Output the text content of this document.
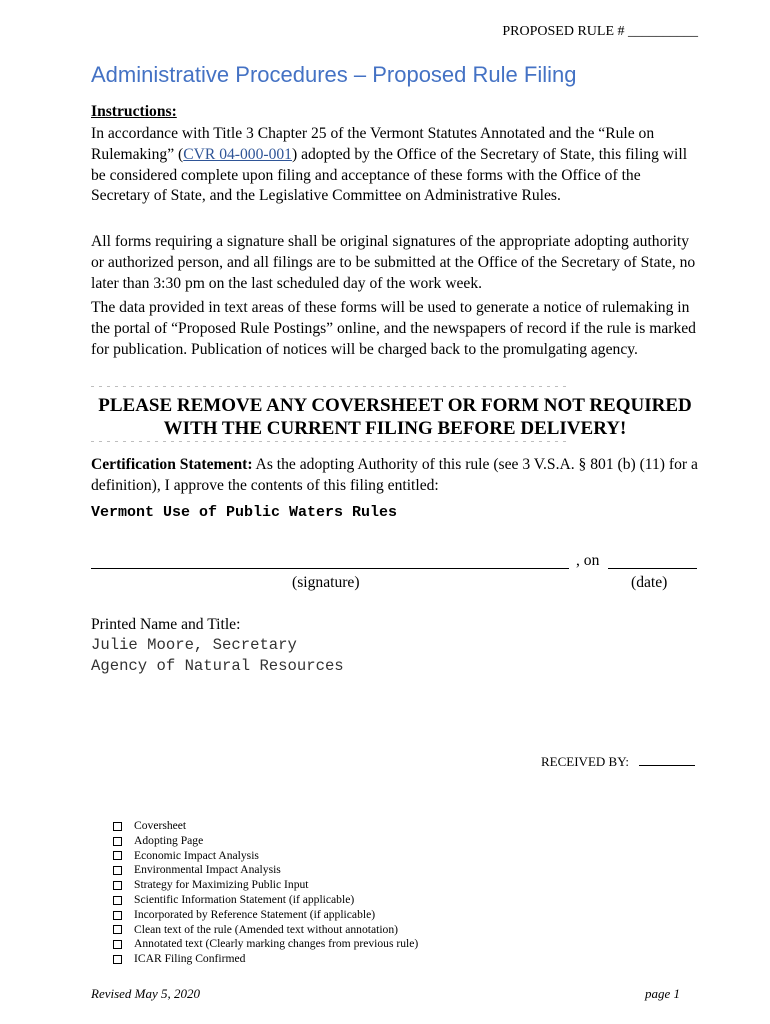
PROPOSED RULE # __________
Administrative Procedures – Proposed Rule Filing
Instructions:
In accordance with Title 3 Chapter 25 of the Vermont Statutes Annotated and the “Rule on Rulemaking” (CVR 04-000-001) adopted by the Office of the Secretary of State, this filing will be considered complete upon filing and acceptance of these forms with the Office of the Secretary of State, and the Legislative Committee on Administrative Rules.
All forms requiring a signature shall be original signatures of the appropriate adopting authority or authorized person, and all filings are to be submitted at the Office of the Secretary of State, no later than 3:30 pm on the last scheduled day of the work week.
The data provided in text areas of these forms will be used to generate a notice of rulemaking in the portal of “Proposed Rule Postings” online, and the newspapers of record if the rule is marked for publication. Publication of notices will be charged back to the promulgating agency.
— — — — — — — — — — — — — — — — — — — — — — — — — — — — — — — — — — — — — — — — — — — — — — — — — — — — — — — — — — — —
PLEASE REMOVE ANY COVERSHEET OR FORM NOT REQUIRED WITH THE CURRENT FILING BEFORE DELIVERY!
— — — — — — — — — — — — — — — — — — — — — — — — — — — — — — — — — — — — — — — — — — — — — — — — — — — — — — — — — — — —
Certification Statement: As the adopting Authority of this rule (see 3 V.S.A. § 801 (b) (11) for a definition), I approve the contents of this filing entitled:
Vermont Use of Public Waters Rules
, on
(signature)	(date)
Printed Name and Title:
Julie Moore, Secretary
Agency of Natural Resources
RECEIVED BY:
Coversheet
Adopting Page
Economic Impact Analysis
Environmental Impact Analysis
Strategy for Maximizing Public Input
Scientific Information Statement (if applicable)
Incorporated by Reference Statement (if applicable)
Clean text of the rule (Amended text without annotation)
Annotated text (Clearly marking changes from previous rule)
ICAR Filing Confirmed
Revised May 5, 2020	page 1
